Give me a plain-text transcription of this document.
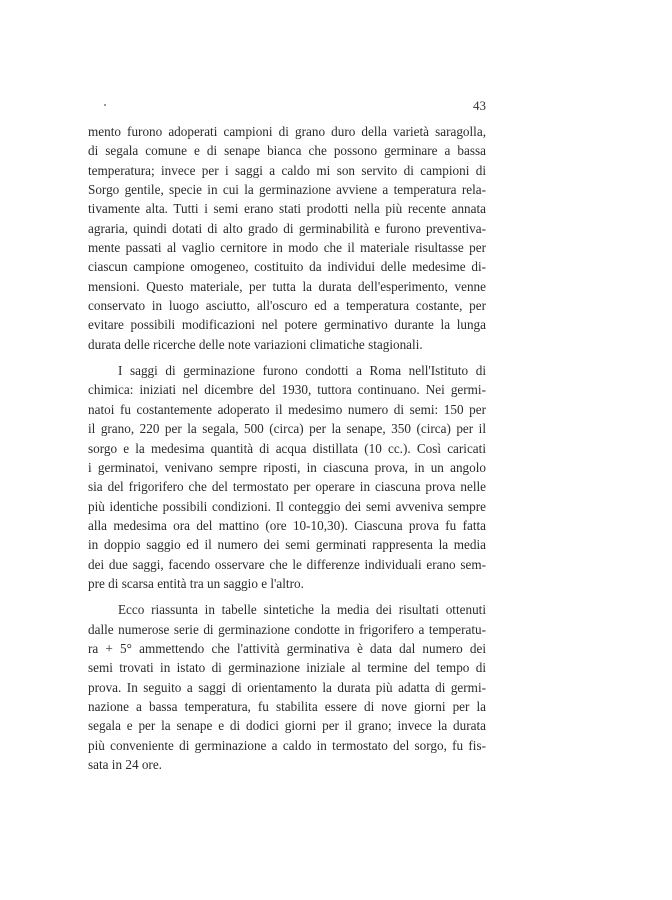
43
mento furono adoperati campioni di grano duro della varietà saragolla,
di segala comune e di senape bianca che possono germinare a bassa
temperatura; invece per i saggi a caldo mi son servito di campioni di
Sorgo gentile, specie in cui la germinazione avviene a temperatura rela-
tivamente alta. Tutti i semi erano stati prodotti nella più recente annata
agraria, quindi dotati di alto grado di germinabilità e furono preventiva-
mente passati al vaglio cernitore in modo che il materiale risultasse per
ciascun campione omogeneo, costituito da individui delle medesime di-
mensioni. Questo materiale, per tutta la durata dell'esperimento, venne
conservato in luogo asciutto, all'oscuro ed a temperatura costante, per
evitare possibili modificazioni nel potere germinativo durante la lunga
durata delle ricerche delle note variazioni climatiche stagionali.
I saggi di germinazione furono condotti a Roma nell'Istituto di
chimica: iniziati nel dicembre del 1930, tuttora continuano. Nei germi-
natoi fu costantemente adoperato il medesimo numero di semi: 150 per
il grano, 220 per la segala, 500 (circa) per la senape, 350 (circa) per il
sorgo e la medesima quantità di acqua distillata (10 cc.). Così caricati
i germinatoi, venivano sempre riposti, in ciascuna prova, in un angolo
sia del frigorifero che del termostato per operare in ciascuna prova nelle
più identiche possibili condizioni. Il conteggio dei semi avveniva sempre
alla medesima ora del mattino (ore 10-10,30). Ciascuna prova fu fatta
in doppio saggio ed il numero dei semi germinati rappresenta la media
dei due saggi, facendo osservare che le differenze individuali erano sem-
pre di scarsa entità tra un saggio e l'altro.
Ecco riassunta in tabelle sintetiche la media dei risultati ottenuti
dalle numerose serie di germinazione condotte in frigorifero a temperatu-
ra + 5° ammettendo che l'attività germinativa è data dal numero dei
semi trovati in istato di germinazione iniziale al termine del tempo di
prova. In seguito a saggi di orientamento la durata più adatta di germi-
nazione a bassa temperatura, fu stabilita essere di nove giorni per la
segala e per la senape e di dodici giorni per il grano; invece la durata
più conveniente di germinazione a caldo in termostato del sorgo, fu fis-
sata in 24 ore.
